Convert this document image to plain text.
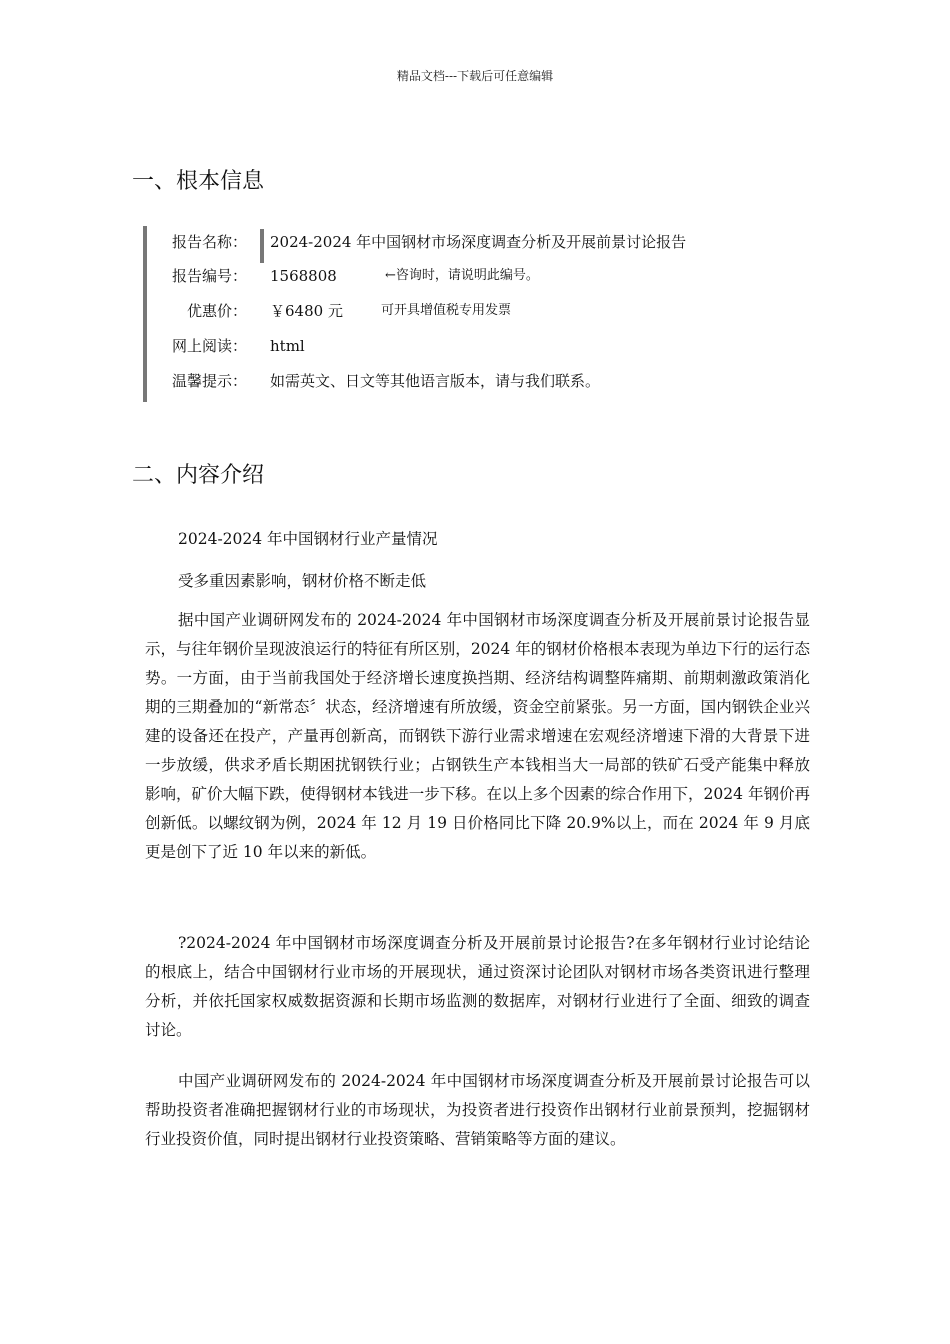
精品文档---下载后可任意编辑
一、根本信息
报告名称： 2024-2024 年中国钢材市场深度调查分析及开展前景讨论报告
报告编号： 1568808	←咨询时，请说明此编号。
优惠价： ￥6480 元	可开具增值税专用发票
网上阅读： html
温馨提示： 如需英文、日文等其他语言版本，请与我们联系。
二、内容介绍
2024-2024 年中国钢材行业产量情况
受多重因素影响，钢材价格不断走低

据中国产业调研网发布的 2024-2024 年中国钢材市场深度调查分析及开展前景讨论报告显示，与往年钢价呈现波浪运行的特征有所区别，2024 年的钢材价格根本表现为单边下行的运行态势。一方面，由于当前我国处于经济增长速度换挡期、经济结构调整阵痛期、前期刺激政策消化期的三期叠加的“新常态〞状态，经济增速有所放缓，资金空前紧张。另一方面，国内钢铁企业兴建的设备还在投产，产量再创新高，而钢铁下游行业需求增速在宏观经济增速下滑的大背景下进一步放缓，供求矛盾长期困扰钢铁行业；占钢铁生产本钱相当大一局部的铁矿石受产能集中释放影响，矿价大幅下跌，使得钢材本钱进一步下移。在以上多个因素的综合作用下，2024 年钢价再创新低。以螺纹钢为例，2024 年 12 月 19 日价格同比下降 20.9%以上，而在 2024 年 9 月底更是创下了近 10 年以来的新低。

?2024-2024 年中国钢材市场深度调查分析及开展前景讨论报告?在多年钢材行业讨论结论的根底上，结合中国钢材行业市场的开展现状，通过资深讨论团队对钢材市场各类资讯进行整理分析，并依托国家权威数据资源和长期市场监测的数据库，对钢材行业进行了全面、细致的调查讨论。

中国产业调研网发布的 2024-2024 年中国钢材市场深度调查分析及开展前景讨论报告可以帮助投资者准确把握钢材行业的市场现状，为投资者进行投资作出钢材行业前景预判，挖掘钢材行业投资价值，同时提出钢材行业投资策略、营销策略等方面的建议。
